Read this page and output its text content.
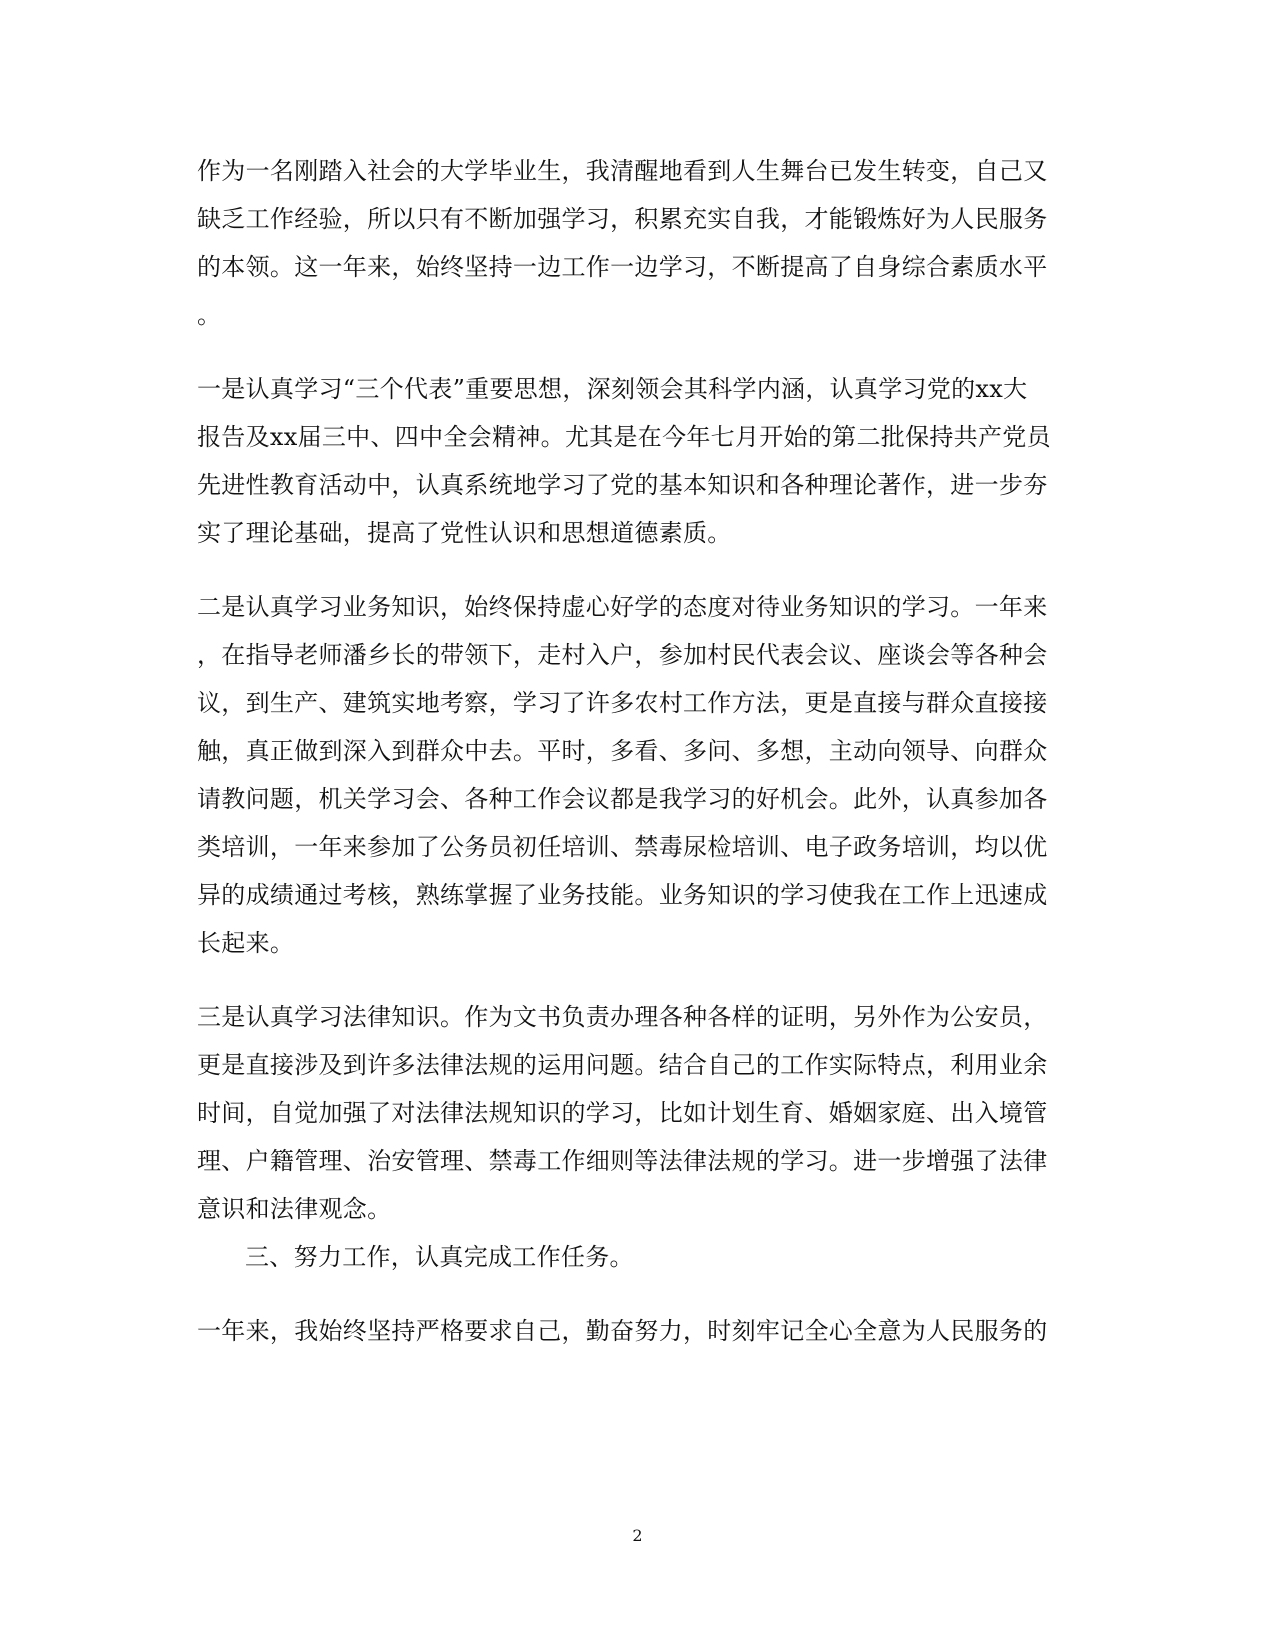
作为一名刚踏入社会的大学毕业生，我清醒地看到人生舞台已发生转变，自己又
缺乏工作经验，所以只有不断加强学习，积累充实自我，才能锻炼好为人民服务
的本领。这一年来，始终坚持一边工作一边学习，不断提高了自身综合素质水平
。
一是认真学习“三个代表”重要思想，深刻领会其科学内涵，认真学习党的xx大
报告及xx届三中、四中全会精神。尤其是在今年七月开始的第二批保持共产党员
先进性教育活动中，认真系统地学习了党的基本知识和各种理论著作，进一步夯
实了理论基础，提高了党性认识和思想道德素质。
二是认真学习业务知识，始终保持虚心好学的态度对待业务知识的学习。一年来
，在指导老师潘乡长的带领下，走村入户，参加村民代表会议、座谈会等各种会
议，到生产、建筑实地考察，学习了许多农村工作方法，更是直接与群众直接接
触，真正做到深入到群众中去。平时，多看、多问、多想，主动向领导、向群众
请教问题，机关学习会、各种工作会议都是我学习的好机会。此外，认真参加各
类培训，一年来参加了公务员初任培训、禁毒尿检培训、电子政务培训，均以优
异的成绩通过考核，熟练掌握了业务技能。业务知识的学习使我在工作上迅速成
长起来。
三是认真学习法律知识。作为文书负责办理各种各样的证明，另外作为公安员，
更是直接涉及到许多法律法规的运用问题。结合自己的工作实际特点，利用业余
时间，自觉加强了对法律法规知识的学习，比如计划生育、婚姻家庭、出入境管
理、户籍管理、治安管理、禁毒工作细则等法律法规的学习。进一步增强了法律
意识和法律观念。
三、努力工作，认真完成工作任务。
一年来，我始终坚持严格要求自己，勤奋努力，时刻牢记全心全意为人民服务的
2
